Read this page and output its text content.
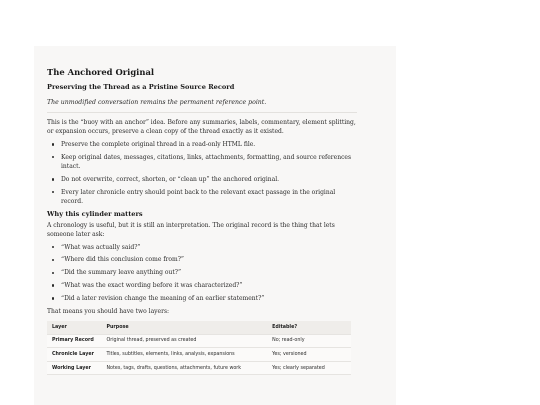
The Anchored Original
Preserving the Thread as a Pristine Source Record
The unmodified conversation remains the permanent reference point.

This is the “buoy with an anchor” idea. Before any summaries, labels, commentary, element splitting, or expansion occurs, preserve a clean copy of the thread exactly as it existed.

Preserve the complete original thread in a read-only HTML file.
Keep original dates, messages, citations, links, attachments, formatting, and source references intact.
Do not overwrite, correct, shorten, or “clean up” the anchored original.
Every later chronicle entry should point back to the relevant exact passage in the original record.
Why this cylinder matters

A chronology is useful, but it is still an interpretation. The original record is the thing that lets someone later ask:

“What was actually said?”
“Where did this conclusion come from?”
“Did the summary leave anything out?”
“What was the exact wording before it was characterized?”
“Did a later revision change the meaning of an earlier statement?”

That means you should have two layers:

Layer	Purpose	Editable?
Primary Record	Original thread, preserved as created	No; read-only
Chronicle Layer	Titles, subtitles, elements, links, analysis, expansions	Yes; versioned
Working Layer	Notes, tags, drafts, questions, attachments, future work	Yes; clearly separated
